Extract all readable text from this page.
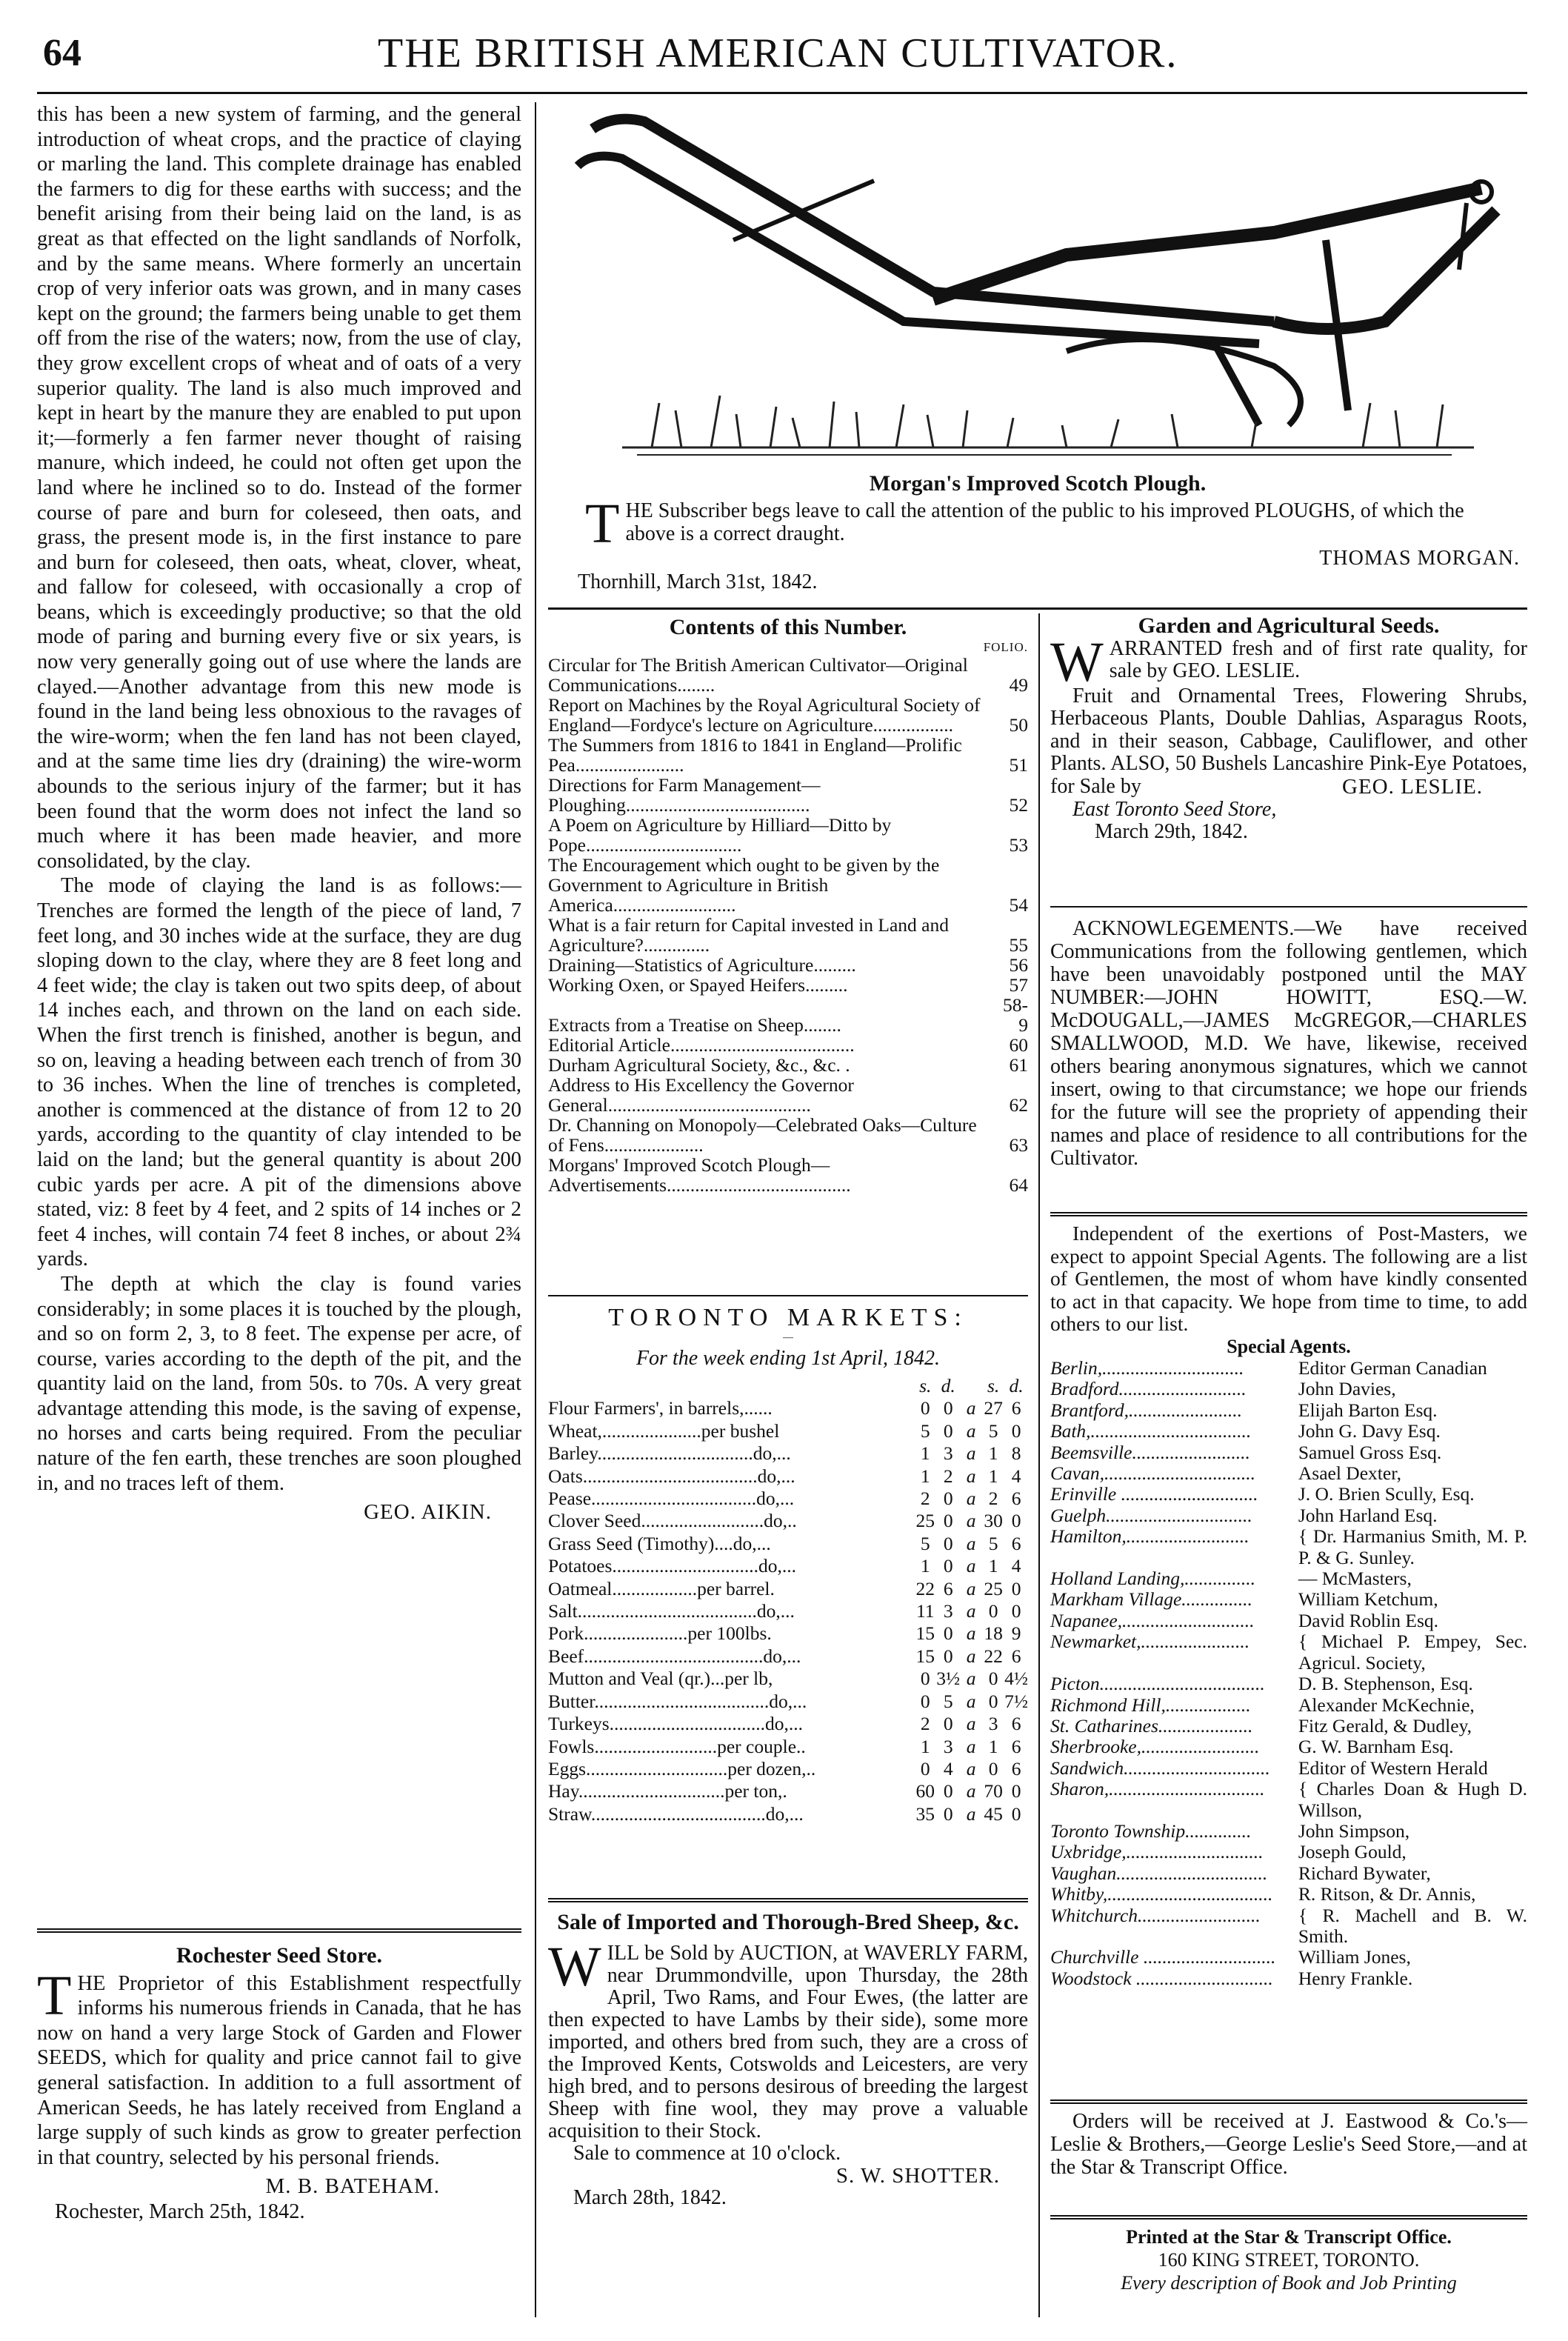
64	THE BRITISH AMERICAN CULTIVATOR.

this has been a new system of farming, and the general introduction of wheat crops, and the practice of claying or marling the land. This complete drainage has enabled the farmers to dig for these earths with success; and the benefit arising from their being laid on the land, is as great as that effected on the light sandlands of Norfolk, and by the same means. Where formerly an uncertain crop of very inferior oats was grown, and in many cases kept on the ground; the farmers being unable to get them off from the rise of the waters; now, from the use of clay, they grow excellent crops of wheat and of oats of a very superior quality. The land is also much improved and kept in heart by the manure they are enabled to put upon it;—formerly a fen farmer never thought of raising manure, which indeed, he could not often get upon the land where he inclined so to do. Instead of the former course of pare and burn for coleseed, then oats, and grass, the present mode is, in the first instance to pare and burn for coleseed, then oats, wheat, clover, wheat, and fallow for coleseed, with occasionally a crop of beans, which is exceedingly productive; so that the old mode of paring and burning every five or six years, is now very generally going out of use where the lands are clayed.—Another advantage from this new mode is found in the land being less obnoxious to the ravages of the wire-worm; when the fen land has not been clayed, and at the same time lies dry (draining) the wire-worm abounds to the serious injury of the farmer; but it has been found that the worm does not infect the land so much where it has been made heavier, and more consolidated, by the clay.

The mode of claying the land is as follows:—Trenches are formed the length of the piece of land, 7 feet long, and 30 inches wide at the surface, they are dug sloping down to the clay, where they are 8 feet long and 4 feet wide; the clay is taken out two spits deep, of about 14 inches each, and thrown on the land on each side. When the first trench is finished, another is begun, and so on, leaving a heading between each trench of from 30 to 36 inches. When the line of trenches is completed, another is commenced at the distance of from 12 to 20 yards, according to the quantity of clay intended to be laid on the land; but the general quantity is about 200 cubic yards per acre. A pit of the dimensions above stated, viz: 8 feet by 4 feet, and 2 spits of 14 inches or 2 feet 4 inches, will contain 74 feet 8 inches, or about 2¾ yards.

The depth at which the clay is found varies considerably; in some places it is touched by the plough, and so on form 2, 3, to 8 feet. The expense per acre, of course, varies according to the depth of the pit, and the quantity laid on the land, from 50s. to 70s. A very great advantage attending this mode, is the saving of expense, no horses and carts being required. From the peculiar nature of the fen earth, these trenches are soon ploughed in, and no traces left of them.

GEO. AIKIN.
Rochester Seed Store.
T HE Proprietor of this Establishment respectfully informs his numerous friends in Canada, that he has now on hand a very large Stock of Garden and Flower SEEDS, which for quality and price cannot fail to give general satisfaction. In addition to a full assortment of American Seeds, he has lately received from England a large supply of such kinds as grow to greater perfection in that country, selected by his personal friends.
M. B. BATEHAM.
Rochester, March 25th, 1842.
Morgan's Improved Scotch Plough.
T HE Subscriber begs leave to call the attention of the public to his improved PLOUGHS, of which the above is a correct draught.
THOMAS MORGAN.
Thornhill, March 31st, 1842.
Contents of this Number.
FOLIO.
Circular for The British American Cultivator—Original Communications........	49
Report on Machines by the Royal Agricultural Society of England—Fordyce's lecture on Agriculture.................	50
The Summers from 1816 to 1841 in England—Prolific Pea.......................	51
Directions for Farm Management—Ploughing.......................................	52
A Poem on Agriculture by Hilliard—Ditto by Pope.................................	53
The Encouragement which ought to be given by the Government to Agriculture in British America..........................	54
What is a fair return for Capital invested in Land and Agriculture?..............	55
Draining—Statistics of Agriculture.........	56
Working Oxen, or Spayed Heifers.........	57
Extracts from a Treatise on Sheep........	58-9
Editorial Article.......................................	60
Durham Agricultural Society, &c., &c. .	61
Address to His Excellency the Governor General...........................................	62
Dr. Channing on Monopoly—Celebrated Oaks—Culture of Fens.....................	63
Morgans' Improved Scotch Plough—Advertisements.......................................	64
TORONTO MARKETS:
—
For the week ending 1st April, 1842.
	s.	d.		s.	d.
Flour Farmers', in barrels,......	0	0	a	27	6
Wheat,.....................per bushel	5	0	a	5	0
Barley.................................do,...	1	3	a	1	8
Oats.....................................do,...	1	2	a	1	4
Pease...................................do,...	2	0	a	2	6
Clover Seed..........................do,..	25	0	a	30	0
Grass Seed (Timothy)....do,...	5	0	a	5	6
Potatoes...............................do,...	1	0	a	1	4
Oatmeal..................per barrel.	22	6	a	25	0
Salt......................................do,...	11	3	a	0	0
Pork......................per 100lbs.	15	0	a	18	9
Beef......................................do,...	15	0	a	22	6
Mutton and Veal (qr.)...per lb,	0	3½	a	0	4½
Butter.....................................do,...	0	5	a	0	7½
Turkeys.................................do,...	2	0	a	3	6
Fowls..........................per couple..	1	3	a	1	6
Eggs..............................per dozen,..	0	4	a	0	6
Hay...............................per ton,.	60	0	a	70	0
Straw.....................................do,...	35	0	a	45	0
Sale of Imported and Thorough-Bred Sheep, &c.
W ILL be Sold by AUCTION, at WAVERLY FARM, near Drummondville, upon Thursday, the 28th April, Two Rams, and Four Ewes, (the latter are then expected to have Lambs by their side), some more imported, and others bred from such, they are a cross of the Improved Kents, Cotswolds and Leicesters, are very high bred, and to persons desirous of breeding the largest Sheep with fine wool, they may prove a valuable acquisition to their Stock.
Sale to commence at 10 o'clock.
S. W. SHOTTER.
March 28th, 1842.
Garden and Agricultural Seeds.
W ARRANTED fresh and of first rate quality, for sale by GEO. LESLIE.

Fruit and Ornamental Trees, Flowering Shrubs, Herbaceous Plants, Double Dahlias, Asparagus Roots, and in their season, Cabbage, Cauliflower, and other Plants. ALSO, 50 Bushels Lancashire Pink-Eye Potatoes, for Sale by	GEO. LESLIE.
East Toronto Seed Store,
March 29th, 1842.

ACKNOWLEGEMENTS.—We have received Communications from the following gentlemen, which have been unavoidably postponed until the MAY NUMBER:—JOHN HOWITT, ESQ.—W. McDOUGALL,—JAMES McGREGOR,—CHARLES SMALLWOOD, M.D. We have, likewise, received others bearing anonymous signatures, which we cannot insert, owing to that circumstance; we hope our friends for the future will see the propriety of appending their names and place of residence to all contributions for the Cultivator.

Independent of the exertions of Post-Masters, we expect to appoint Special Agents. The following are a list of Gentlemen, the most of whom have kindly consented to act in that capacity. We hope from time to time, to add others to our list.

Special Agents.
Berlin,..............................	Editor German Canadian
Bradford...........................	John Davies,
Brantford,........................	Elijah Barton Esq.
Bath,..................................	John G. Davy Esq.
Beemsville.........................	Samuel Gross Esq.
Cavan,................................	Asael Dexter,
Erinville .............................	J. O. Brien Scully, Esq.
Guelph...............................	John Harland Esq.
Hamilton,..........................	{ Dr. Harmanius Smith, M. P. P. & G. Sunley.
Holland Landing,...............	— McMasters,
Markham Village...............	William Ketchum,
Napanee,............................	David Roblin Esq.
Newmarket,.......................	{ Michael P. Empey, Sec. Agricul. Society,
Picton...................................	D. B. Stephenson, Esq.
Richmond Hill,..................	Alexander McKechnie,
St. Catharines....................	Fitz Gerald, & Dudley,
Sherbrooke,.........................	G. W. Barnham Esq.
Sandwich...............................	Editor of Western Herald
Sharon,.................................	{ Charles Doan & Hugh D. Willson,
Toronto Township..............	John Simpson,
Uxbridge,.............................	Joseph Gould,
Vaughan................................	Richard Bywater,
Whitby,...................................	R. Ritson, & Dr. Annis,
Whitchurch..........................	{ R. Machell and B. W. Smith.
Churchville ............................	William Jones,
Woodstock .............................	Henry Frankle.

Orders will be received at J. Eastwood & Co.'s—Leslie & Brothers,—George Leslie's Seed Store,—and at the Star & Transcript Office.

Printed at the Star & Transcript Office.
160 KING STREET, TORONTO.
Every description of Book and Job Printing
